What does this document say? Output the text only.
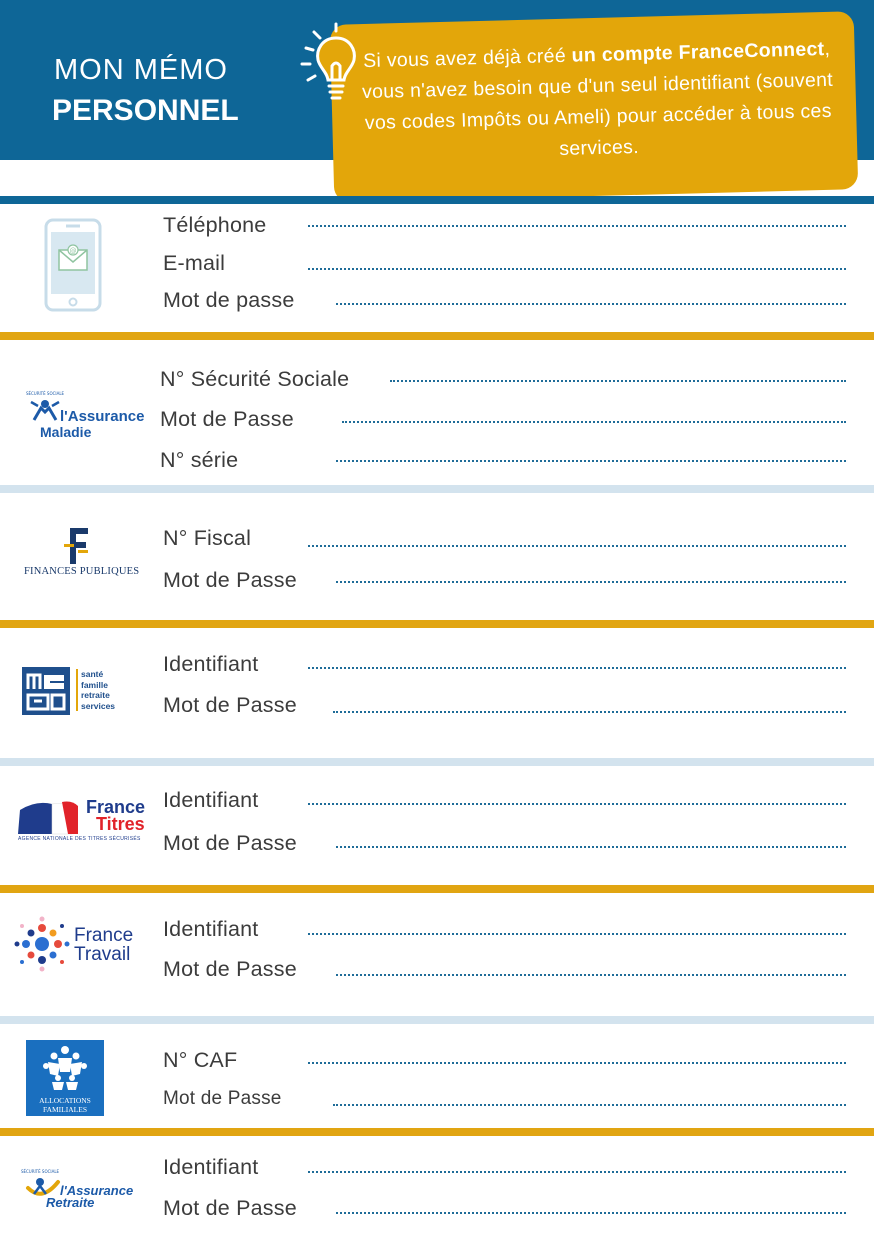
MON MÉMO
PERSONNEL
Si vous avez déjà créé un compte FranceConnect, vous n'avez besoin que d'un seul identifiant (souvent vos codes Impôts ou Ameli) pour accéder à tous ces services.
@
Téléphone
E-mail
Mot de passe
SÉCURITÉ SOCIALE
l'Assurance
Maladie
N° Sécurité Sociale
Mot de Passe
N° série
FINANCES PUBLIQUES
N° Fiscal
Mot de Passe
santé
famille
retraite
services
Identifiant
Mot de Passe
France
Titres
AGENCE NATIONALE DES TITRES SÉCURISÉS
Identifiant
Mot de Passe
France
Travail
Identifiant
Mot de Passe
ALLOCATIONS
FAMILIALES
N° CAF
Mot de Passe
SÉCURITÉ SOCIALE
l'Assurance
Retraite
Identifiant
Mot de Passe
